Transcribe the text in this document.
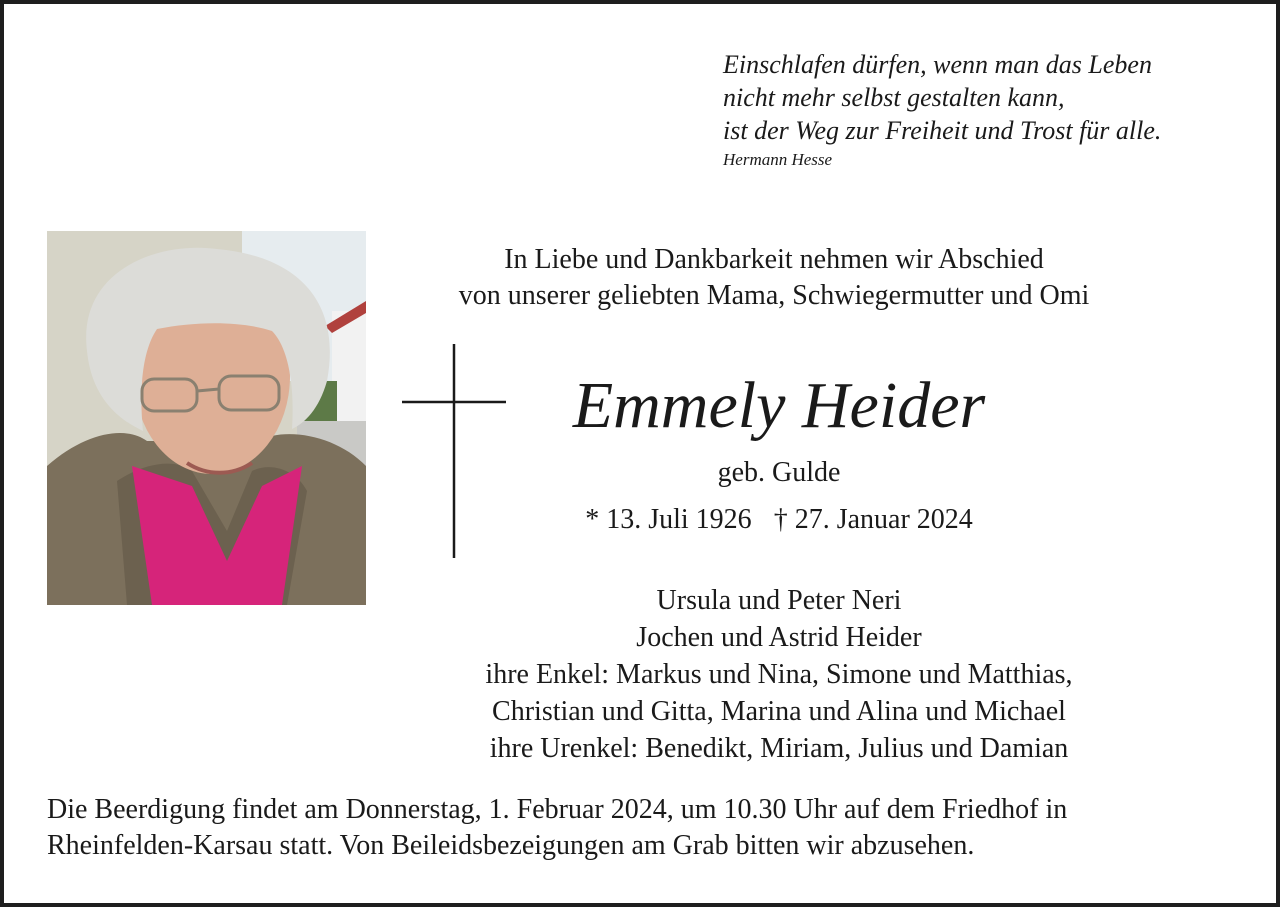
Einschlafen dürfen, wenn man das Leben
nicht mehr selbst gestalten kann,
ist der Weg zur Freiheit und Trost für alle.
Hermann Hesse
In Liebe und Dankbarkeit nehmen wir Abschied
von unserer geliebten Mama, Schwiegermutter und Omi
Emmely Heider
geb. Gulde
* 13. Juli 1926 † 27. Januar 2024
Ursula und Peter Neri
Jochen und Astrid Heider
ihre Enkel: Markus und Nina, Simone und Matthias,
Christian und Gitta, Marina und Alina und Michael
ihre Urenkel: Benedikt, Miriam, Julius und Damian
Die Beerdigung findet am Donnerstag, 1. Februar 2024, um 10.30 Uhr auf dem Friedhof in
Rheinfelden-Karsau statt. Von Beileidsbezeigungen am Grab bitten wir abzusehen.
